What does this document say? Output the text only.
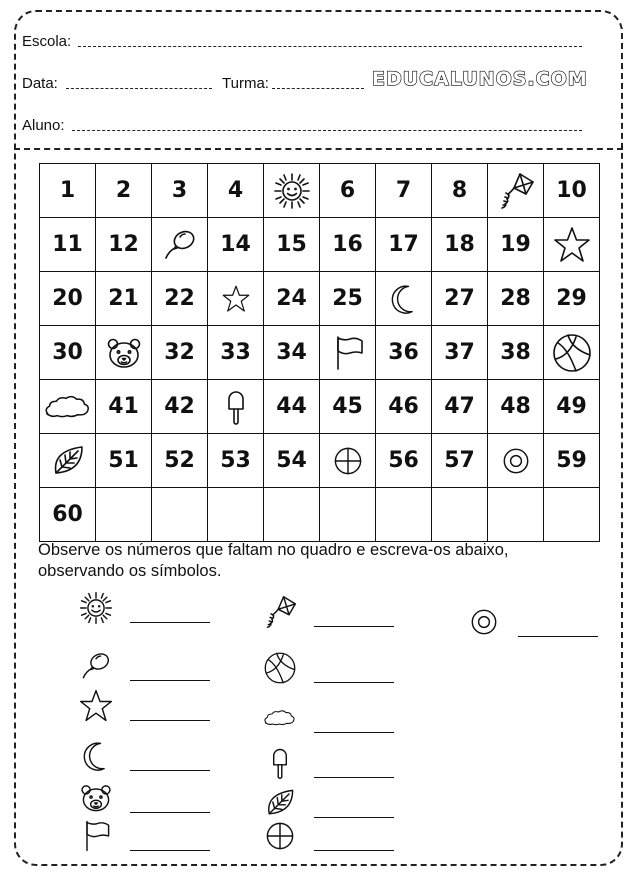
Escola:
Data:	Turma:	EDUCALUNOS.COM
Aluno:
1	2	3	4		6	7	8		10
11	12		14	15	16	17	18	19	

20	21	22		24	25		27	28	29
30		32	33	34		36	37	38	

	41	42		44	45	46	47	48	49

	51	52	53	54		56	57		59
60									
Observe os números que faltam no quadro e escreva-os abaixo, observando os símbolos.
